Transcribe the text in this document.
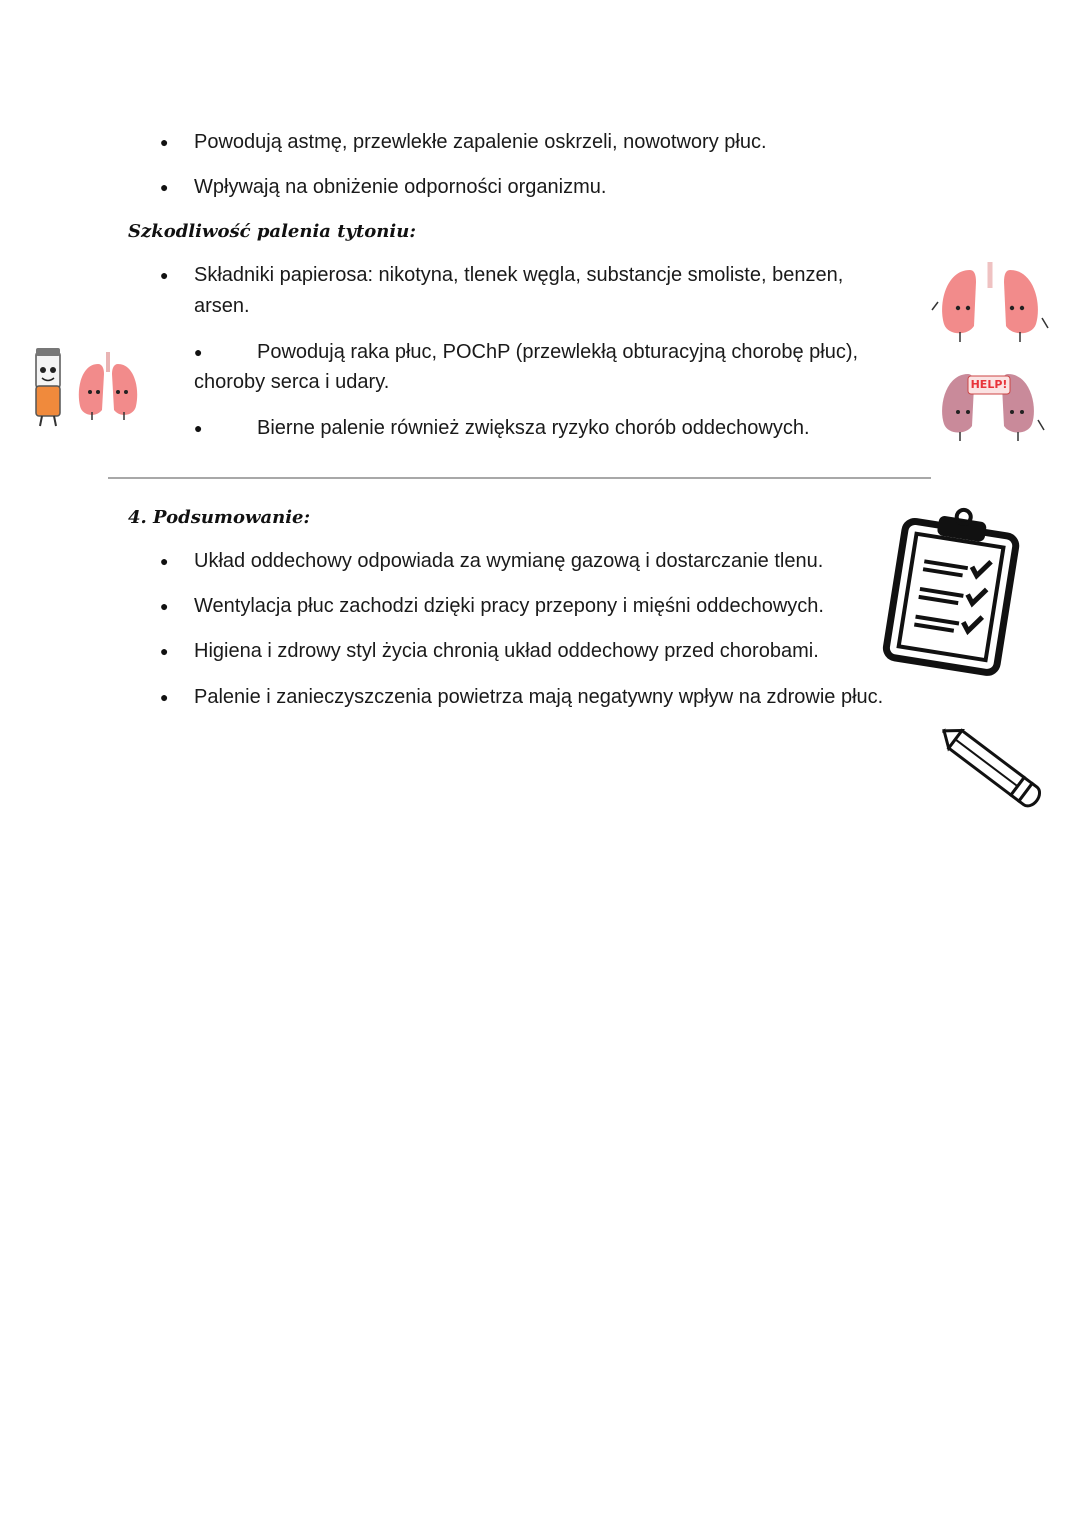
● Powodują astmę, przewlekłe zapalenie oskrzeli, nowotwory płuc.
● Wpływają na obniżenie odporności organizmu.
Szkodliwość palenia tytoniu:
● Składniki papierosa: nikotyna, tlenek węgla, substancje smoliste, benzen,
arsen.
●	Powodują raka płuc, POChP (przewlekłą obturacyjną chorobę płuc),
choroby serca i udary.
●	Bierne palenie również zwiększa ryzyko chorób oddechowych.
4. Podsumowanie:
● Układ oddechowy odpowiada za wymianę gazową i dostarczanie tlenu.
● Wentylacja płuc zachodzi dzięki pracy przepony i mięśni oddechowych.
● Higiena i zdrowy styl życia chronią układ oddechowy przed chorobami.
● Palenie i zanieczyszczenia powietrza mają negatywny wpływ na zdrowie płuc.
HELP!
